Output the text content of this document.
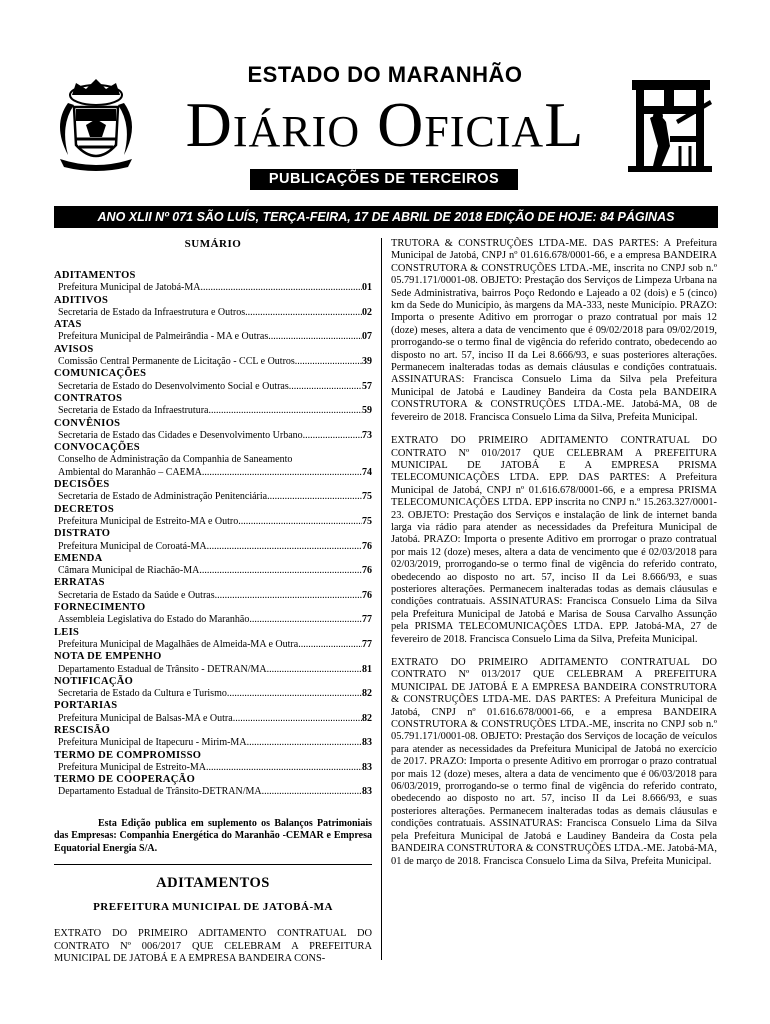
ESTADO DO MARANHÃO
DIÁRIO OFICIAL
PUBLICAÇÕES DE TERCEIROS
ANO XLII Nº 071 SÃO LUÍS, TERÇA-FEIRA, 17 DE ABRIL DE 2018 EDIÇÃO DE HOJE: 84 PÁGINAS
SUMÁRIO
ADITAMENTOS
Prefeitura Municipal de Jatobá-MA .....	01
ADITIVOS
Secretaria de Estado da Infraestrutura e Outros .....	02
ATAS
Prefeitura Municipal de Palmeirândia - MA e Outras .....	07
AVISOS
Comissão Central Permanente de Licitação - CCL e Outros .....	39
COMUNICAÇÕES
Secretaria de Estado do Desenvolvimento Social e Outras .....	57
CONTRATOS
Secretaria de Estado da Infraestrutura .....	59
CONVÊNIOS
Secretaria de Estado das Cidades e Desenvolvimento Urbano.... .....	73
CONVOCAÇÕES
Conselho de Administração da Companhia de Saneamento
Ambiental do Maranhão – CAEMA .....	74
DECISÕES
Secretaria de Estado de Administração Penitenciária .....	75
DECRETOS
Prefeitura Municipal de Estreito-MA e Outro .....	75
DISTRATO
Prefeitura Municipal de Coroatá-MA .....	76
EMENDA
Câmara Municipal de Riachão-MA .....	76
ERRATAS
Secretaria de Estado da Saúde e Outras .....	76
FORNECIMENTO
Assembleia Legislativa do Estado do Maranhão .....	77
LEIS
Prefeitura Municipal de Magalhães de Almeida-MA e Outra .....	77
NOTA DE EMPENHO
Departamento Estadual de Trânsito - DETRAN/MA .....	81
NOTIFICAÇÃO
Secretaria de Estado da Cultura e Turismo .....	82
PORTARIAS
Prefeitura Municipal de Balsas-MA e Outra .....	82
RESCISÃO
Prefeitura Municipal de Itapecuru - Mirim-MA .....	83
TERMO DE COMPROMISSO
Prefeitura Municipal de Estreito-MA .....	83
TERMO DE COOPERAÇÃO
Departamento Estadual de Trânsito-DETRAN/MA .....	83
Esta Edição publica em suplemento os Balanços Patrimoniais das Empresas: Companhia Energética do Maranhão -CEMAR e Empresa Equatorial Energia S/A.
ADITAMENTOS
PREFEITURA MUNICIPAL DE JATOBÁ-MA
EXTRATO DO PRIMEIRO ADITAMENTO CONTRATUAL DO CONTRATO Nº 006/2017 QUE CELEBRAM A PREFEITURA MUNICIPAL DE JATOBÁ E A EMPRESA BANDEIRA CONS-
TRUTORA & CONSTRUÇÕES LTDA-ME. DAS PARTES: A Prefeitura Municipal de Jatobá, CNPJ nº 01.616.678/0001-66, e a empresa BANDEIRA CONSTRUTORA & CONSTRUÇÕES LTDA.-ME, inscrita no CNPJ sob n.º 05.791.171/0001-08. OBJETO: Prestação dos Serviços de Limpeza Urbana na Sede Administrativa, bairros Poço Redondo e Lajeado a 02 (dois) e 5 (cinco) km da Sede do Município, às margens da MA-333, neste Município. PRAZO: Importa o presente Aditivo em prorrogar o prazo contratual por mais 12 (doze) meses, altera a data de vencimento que é 09/02/2018 para 09/02/2019, prorrogando-se o termo final de vigência do referido contrato, obedecendo ao disposto no art. 57, inciso II da Lei 8.666/93, e suas posteriores alterações. Permanecem inalteradas todas as demais cláusulas e condições contratuais. ASSINATURAS: Francisca Consuelo Lima da Silva pela Prefeitura Municipal de Jatobá e Laudiney Bandeira da Costa pela BANDEIRA CONSTRUTORA & CONSTRUÇÕES LTDA.-ME. Jatobá-MA, 08 de fevereiro de 2018. Francisca Consuelo Lima da Silva, Prefeita Municipal.
EXTRATO DO PRIMEIRO ADITAMENTO CONTRATUAL DO CONTRATO Nº 010/2017 QUE CELEBRAM A PREFEITURA MUNICIPAL DE JATOBÁ E A EMPRESA PRISMA TELECOMUNICAÇÕES LTDA. EPP. DAS PARTES: A Prefeitura Municipal de Jatobá, CNPJ nº 01.616.678/0001-66, e a empresa PRISMA TELECOMUNICAÇÕES LTDA. EPP inscrita no CNPJ n.º 15.263.327/0001-23. OBJETO: Prestação dos Serviços e instalação de link de internet banda larga via rádio para atender as necessidades da Prefeitura Municipal de Jatobá. PRAZO: Importa o presente Aditivo em prorrogar o prazo contratual por mais 12 (doze) meses, altera a data de vencimento que é 02/03/2018 para 02/03/2019, prorrogando-se o termo final de vigência do referido contrato, obedecendo ao disposto no art. 57, inciso II da Lei 8.666/93, e suas posteriores alterações. Permanecem inalteradas todas as demais cláusulas e condições contratuais. ASSINATURAS: Francisca Consuelo Lima da Silva pela Prefeitura Municipal de Jatobá e Marisa de Sousa Carvalho Assunção pela PRISMA TELECOMUNICAÇÕES LTDA. EPP. Jatobá-MA, 27 de fevereiro de 2018. Francisca Consuelo Lima da Silva, Prefeita Municipal.
EXTRATO DO PRIMEIRO ADITAMENTO CONTRATUAL DO CONTRATO Nº 013/2017 QUE CELEBRAM A PREFEITURA MUNICIPAL DE JATOBÁ E A EMPRESA BANDEIRA CONSTRUTORA & CONSTRUÇÕES LTDA-ME. DAS PARTES: A Prefeitura Municipal de Jatobá, CNPJ nº 01.616.678/0001-66, e a empresa BANDEIRA CONSTRUTORA & CONSTRUÇÕES LTDA.-ME, inscrita no CNPJ sob n.º 05.791.171/0001-08. OBJETO: Prestação dos Serviços de locação de veículos para atender as necessidades da Prefeitura Municipal de Jatobá no exercício de 2017. PRAZO: Importa o presente Aditivo em prorrogar o prazo contratual por mais 12 (doze) meses, altera a data de vencimento que é 06/03/2018 para 06/03/2019, prorrogando-se o termo final de vigência do referido contrato, obedecendo ao disposto no art. 57, inciso II da Lei 8.666/93, e suas posteriores alterações. Permanecem inalteradas todas as demais cláusulas e condições contratuais. ASSINATURAS: Francisca Consuelo Lima da Silva pela Prefeitura Municipal de Jatobá e Laudiney Bandeira da Costa pela BANDEIRA CONSTRUTORA & CONSTRUÇÕES LTDA.-ME. Jatobá-MA, 01 de março de 2018. Francisca Consuelo Lima da Silva, Prefeita Municipal.
